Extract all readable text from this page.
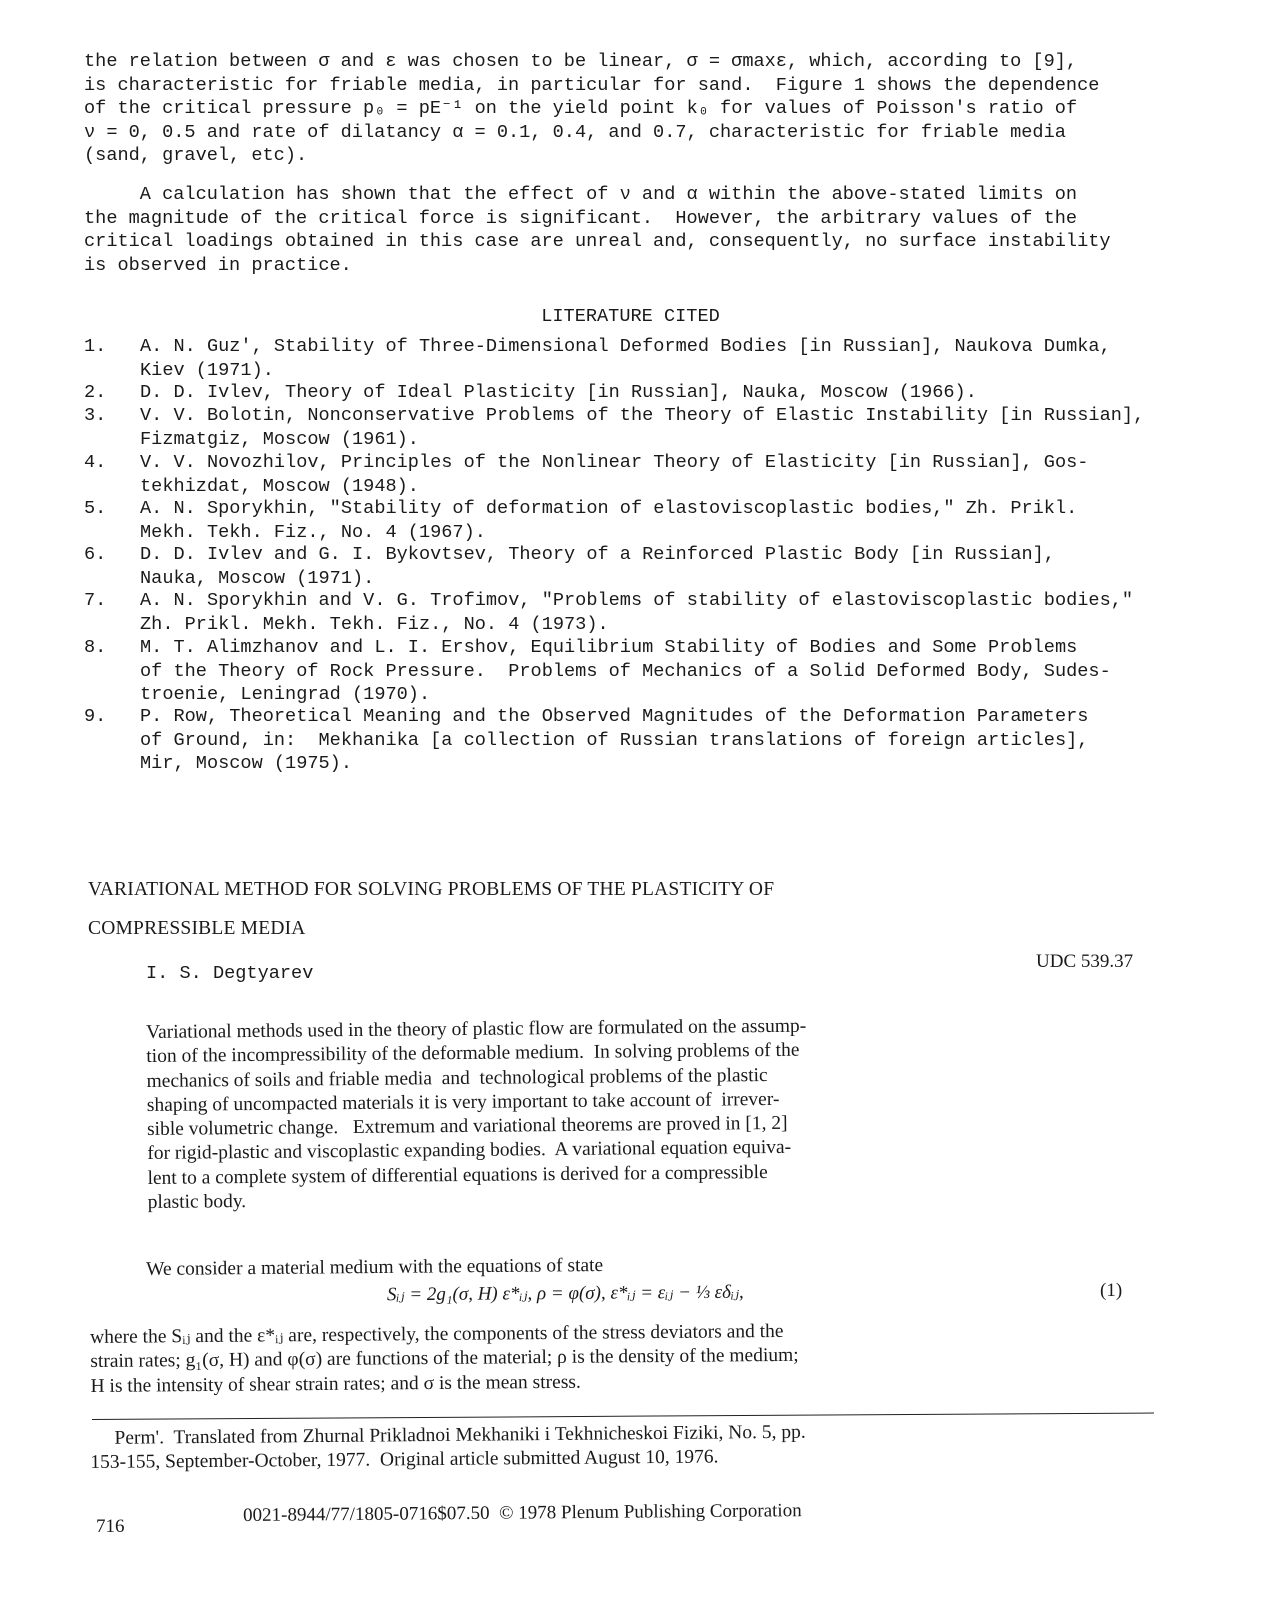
the relation between σ and ε was chosen to be linear, σ = σmaxε, which, according to [9],
is characteristic for friable media, in particular for sand.  Figure 1 shows the dependence
of the critical pressure p₀ = pE⁻¹ on the yield point k₀ for values of Poisson's ratio of
ν = 0, 0.5 and rate of dilatancy α = 0.1, 0.4, and 0.7, characteristic for friable media
(sand, gravel, etc).

A calculation has shown that the effect of ν and α within the above-stated limits on
the magnitude of the critical force is significant.  However, the arbitrary values of the
critical loadings obtained in this case are unreal and, consequently, no surface instability
is observed in practice.

LITERATURE CITED
1.	A. N. Guz', Stability of Three-Dimensional Deformed Bodies [in Russian], Naukova Dumka,
Kiev (1971).
2.	D. D. Ivlev, Theory of Ideal Plasticity [in Russian], Nauka, Moscow (1966).
3.	V. V. Bolotin, Nonconservative Problems of the Theory of Elastic Instability [in Russian],
Fizmatgiz, Moscow (1961).
4.	V. V. Novozhilov, Principles of the Nonlinear Theory of Elasticity [in Russian], Gos-
tekhizdat, Moscow (1948).
5.	A. N. Sporykhin, "Stability of deformation of elastoviscoplastic bodies," Zh. Prikl.
Mekh. Tekh. Fiz., No. 4 (1967).
6.	D. D. Ivlev and G. I. Bykovtsev, Theory of a Reinforced Plastic Body [in Russian],
Nauka, Moscow (1971).
7.	A. N. Sporykhin and V. G. Trofimov, "Problems of stability of elastoviscoplastic bodies,"
Zh. Prikl. Mekh. Tekh. Fiz., No. 4 (1973).
8.	M. T. Alimzhanov and L. I. Ershov, Equilibrium Stability of Bodies and Some Problems
of the Theory of Rock Pressure.  Problems of Mechanics of a Solid Deformed Body, Sudes-
troenie, Leningrad (1970).
9.	P. Row, Theoretical Meaning and the Observed Magnitudes of the Deformation Parameters
of Ground, in:  Mekhanika [a collection of Russian translations of foreign articles],
Mir, Moscow (1975).
VARIATIONAL METHOD FOR SOLVING PROBLEMS OF THE PLASTICITY OF
COMPRESSIBLE MEDIA
UDC 539.37
I. S. Degtyarev
Variational methods used in the theory of plastic flow are formulated on the assump-
tion of the incompressibility of the deformable medium.  In solving problems of the
mechanics of soils and friable media  and  technological problems of the plastic
shaping of uncompacted materials it is very important to take account of  irrever-
sible volumetric change.   Extremum and variational theorems are proved in [1, 2]
for rigid-plastic and viscoplastic expanding bodies.  A variational equation equiva-
lent to a complete system of differential equations is derived for a compressible
plastic body.
We consider a material medium with the equations of state
Sᵢⱼ = 2g₁(σ, H) ε*ᵢⱼ, ρ = φ(σ), ε*ᵢⱼ = εᵢⱼ − ⅓ εδᵢⱼ,	(1)
where the Sᵢⱼ and the ε*ᵢⱼ are, respectively, the components of the stress deviators and the
strain rates; g₁(σ, H) and φ(σ) are functions of the material; ρ is the density of the medium;
H is the intensity of shear strain rates; and σ is the mean stress.
Perm'.  Translated from Zhurnal Prikladnoi Mekhaniki i Tekhnicheskoi Fiziki, No. 5, pp.
153-155, September-October, 1977.  Original article submitted August 10, 1976.
716
0021-8944/77/1805-0716$07.50  © 1978 Plenum Publishing Corporation
